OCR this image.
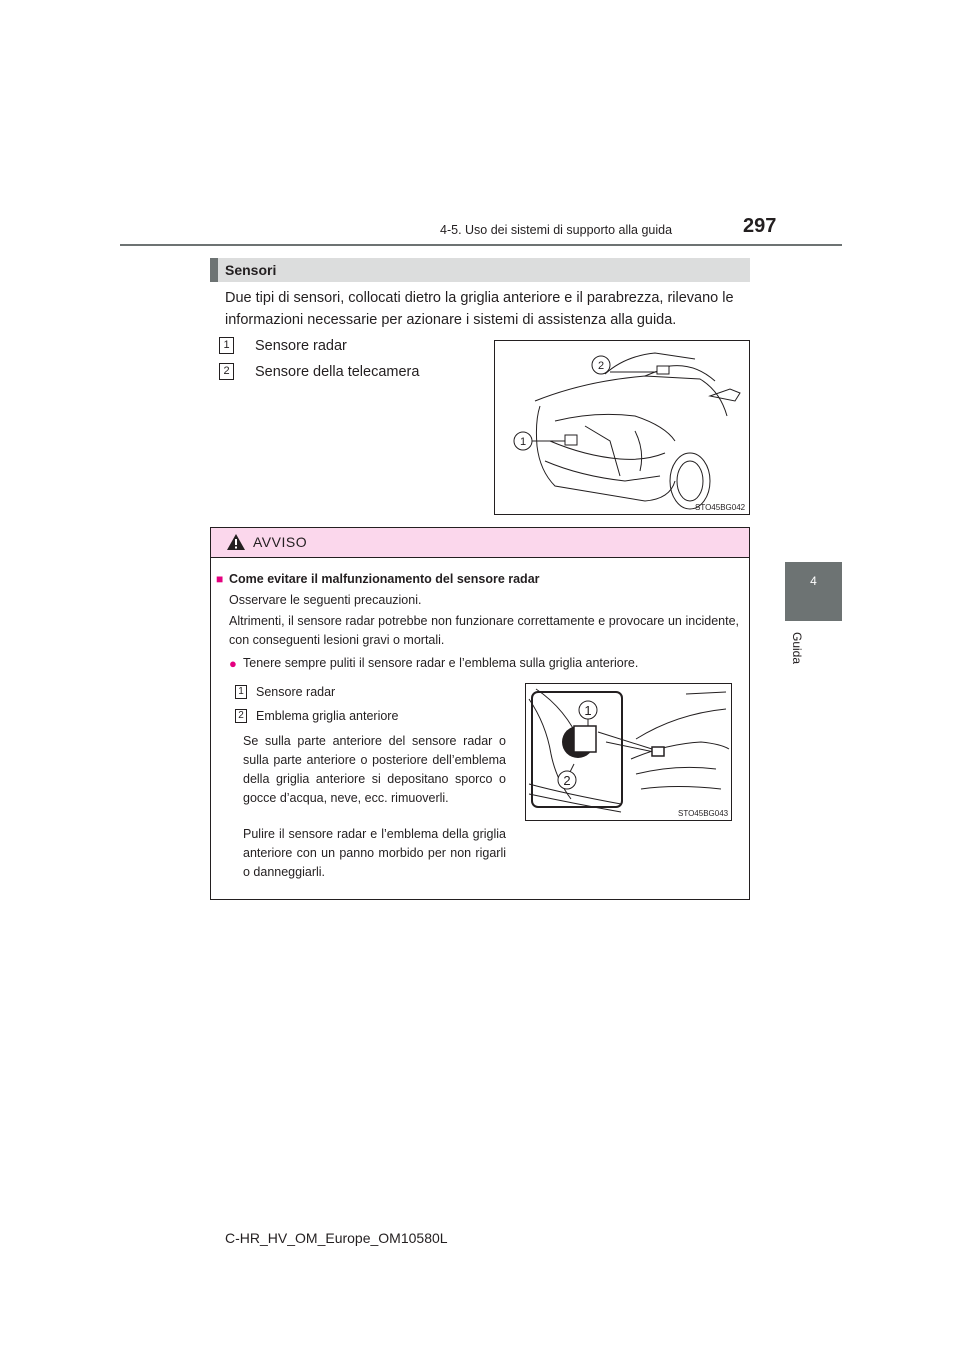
4-5. Uso dei sistemi di supporto alla guida	297
4
Guida
Sensori
Due tipi di sensori, collocati dietro la griglia anteriore e il parabrezza, rilevano le informazioni necessarie per azionare i sistemi di assistenza alla guida.
1	Sensore radar
2	Sensore della telecamera
1
2
STO45BG042
AVVISO
■ Come evitare il malfunzionamento del sensore radar
Osservare le seguenti precauzioni.
Altrimenti, il sensore radar potrebbe non funzionare correttamente e provocare un incidente, con conseguenti lesioni gravi o mortali.
● Tenere sempre puliti il sensore radar e l’emblema sulla griglia anteriore.
1 Sensore radar
2 Emblema griglia anteriore
Se sulla parte anteriore del sensore radar o sulla parte anteriore o posteriore dell’emblema della griglia anteriore si depositano sporco o gocce d’acqua, neve, ecc. rimuoverli.
Pulire il sensore radar e l’emblema della griglia anteriore con un panno morbido per non rigarli o danneggiarli.
1
2
STO45BG043
C-HR_HV_OM_Europe_OM10580L
